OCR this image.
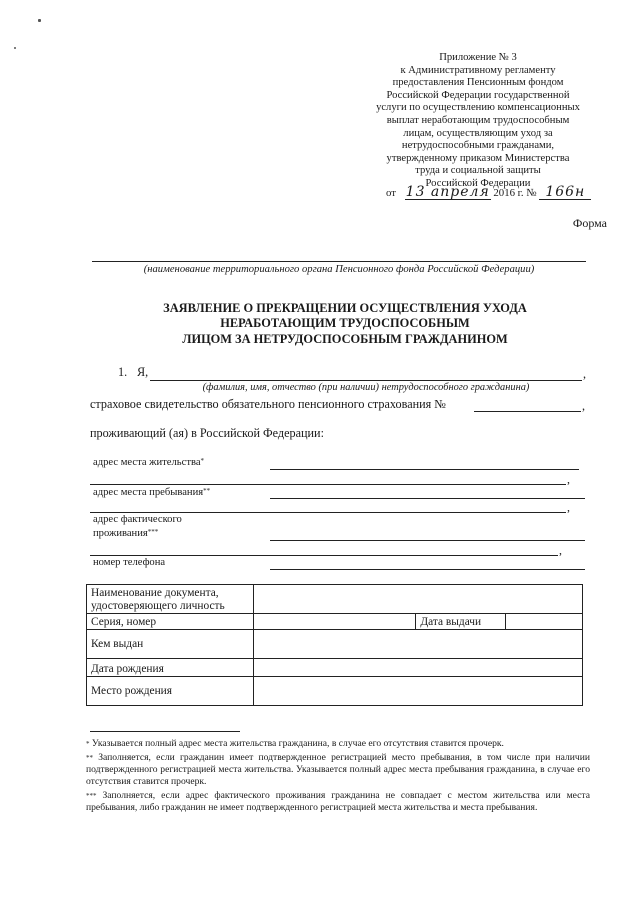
Приложение № 3
к Административному регламенту
предоставления Пенсионным фондом
Российской Федерации государственной
услуги по осуществлению компенсационных
выплат неработающим трудоспособным
лицам, осуществляющим уход за
нетрудоспособными гражданами,
утвержденному приказом Министерства
труда и социальной защиты
Российской Федерации
от 13 апреля 2016 г. № 166н
Форма
(наименование территориального органа Пенсионного фонда Российской Федерации)
ЗАЯВЛЕНИЕ О ПРЕКРАЩЕНИИ ОСУЩЕСТВЛЕНИЯ УХОДА
НЕРАБОТАЮЩИМ ТРУДОСПОСОБНЫМ
ЛИЦОМ ЗА НЕТРУДОСПОСОБНЫМ ГРАЖДАНИНОМ
1. Я,	,
(фамилия, имя, отчество (при наличии) нетрудоспособного гражданина)
страховое свидетельство обязательного пенсионного страхования №	,
проживающий (ая) в Российской Федерации:
адрес места жительства*
,
адрес места пребывания**
,
адрес фактического
проживания***
,
номер телефона
Наименование документа,
удостоверяющего личность			

Серия, номер		Дата выдачи	
Кем выдан			
Дата рождения			
Место рождения			
* Указывается полный адрес места жительства гражданина, в случае его отсутствия ставится прочерк.
** Заполняется, если гражданин имеет подтвержденное регистрацией место пребывания, в том числе при наличии подтвержденного регистрацией места жительства. Указывается полный адрес места пребывания гражданина, в случае его отсутствия ставится прочерк.
*** Заполняется, если адрес фактического проживания гражданина не совпадает с местом жительства или места пребывания, либо гражданин не имеет подтвержденного регистрацией места жительства и места пребывания.
